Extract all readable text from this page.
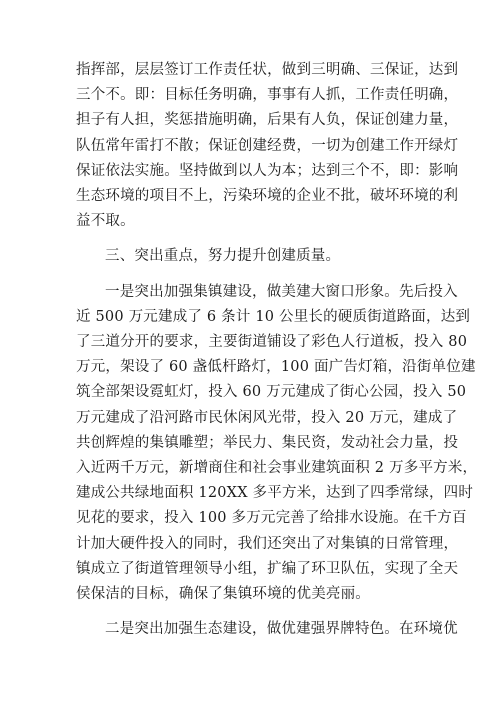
指挥部，层层签订工作责任状，做到三明确、三保证，达到
三个不。即：目标任务明确，事事有人抓，工作责任明确，
担子有人担，奖惩措施明确，后果有人负，保证创建力量，
队伍常年雷打不散；保证创建经费，一切为创建工作开绿灯
保证依法实施。坚持做到以人为本；达到三个不，即：影响
生态环境的项目不上，污染环境的企业不批，破坏环境的利
益不取。
三、突出重点，努力提升创建质量。
一是突出加强集镇建设，做美建大窗口形象。先后投入
近 500 万元建成了 6 条计 10 公里长的硬质街道路面，达到
了三道分开的要求，主要街道铺设了彩色人行道板，投入 80
万元，架设了 60 盏低杆路灯，100 面广告灯箱，沿街单位建
筑全部架设霓虹灯，投入 60 万元建成了街心公园，投入 50
万元建成了沿河路市民休闲风光带，投入 20 万元，建成了
共创辉煌的集镇雕塑；举民力、集民资，发动社会力量，投
入近两千万元，新增商住和社会事业建筑面积 2 万多平方米，
建成公共绿地面积 120XX 多平方米，达到了四季常绿，四时
见花的要求，投入 100 多万元完善了给排水设施。在千方百
计加大硬件投入的同时，我们还突出了对集镇的日常管理，
镇成立了街道管理领导小组，扩编了环卫队伍，实现了全天
侯保洁的目标，确保了集镇环境的优美亮丽。
二是突出加强生态建设，做优建强界牌特色。在环境优
